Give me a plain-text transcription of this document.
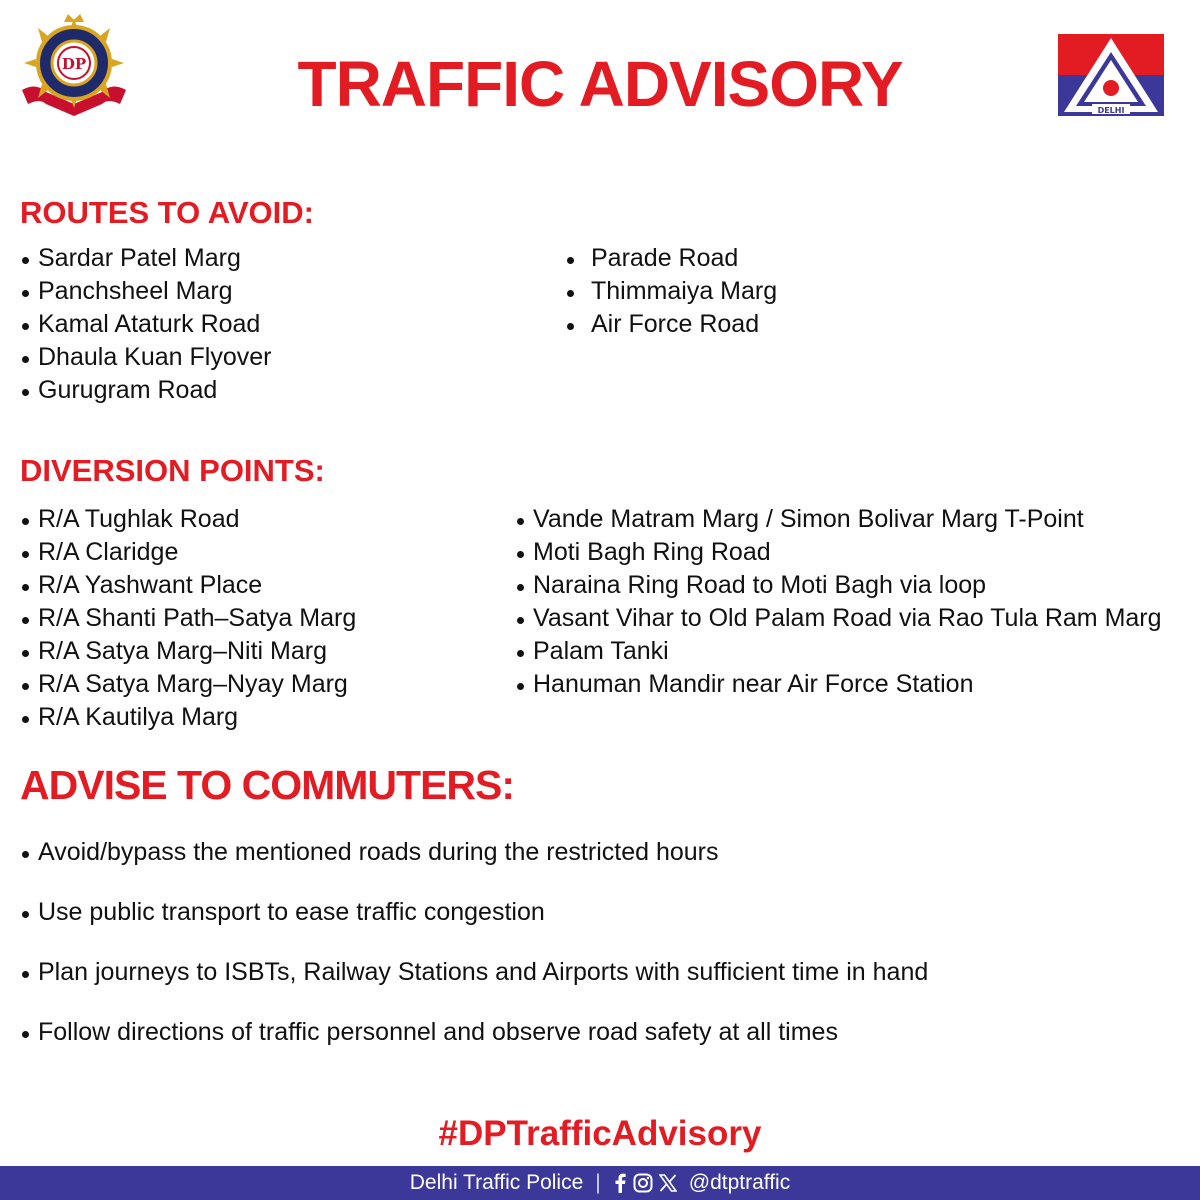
DP	TRAFFIC ADVISORY	DELHI
ROUTES TO AVOID:
Sardar Patel Marg
Panchsheel Marg
Kamal Ataturk Road
Dhaula Kuan Flyover
Gurugram Road
Parade Road
Thimmaiya Marg
Air Force Road
DIVERSION POINTS:
R/A Tughlak Road
R/A Claridge
R/A Yashwant Place
R/A Shanti Path–Satya Marg
R/A Satya Marg–Niti Marg
R/A Satya Marg–Nyay Marg
R/A Kautilya Marg
Vande Matram Marg / Simon Bolivar Marg T-Point
Moti Bagh Ring Road
Naraina Ring Road to Moti Bagh via loop
Vasant Vihar to Old Palam Road via Rao Tula Ram Marg
Palam Tanki
Hanuman Mandir near Air Force Station
ADVISE TO COMMUTERS:
Avoid/bypass the mentioned roads during the restricted hours
Use public transport to ease traffic congestion
Plan journeys to ISBTs, Railway Stations and Airports with sufficient time in hand
Follow directions of traffic personnel and observe road safety at all times
#DPTrafficAdvisory
Delhi Traffic Police |	@dtptraffic
